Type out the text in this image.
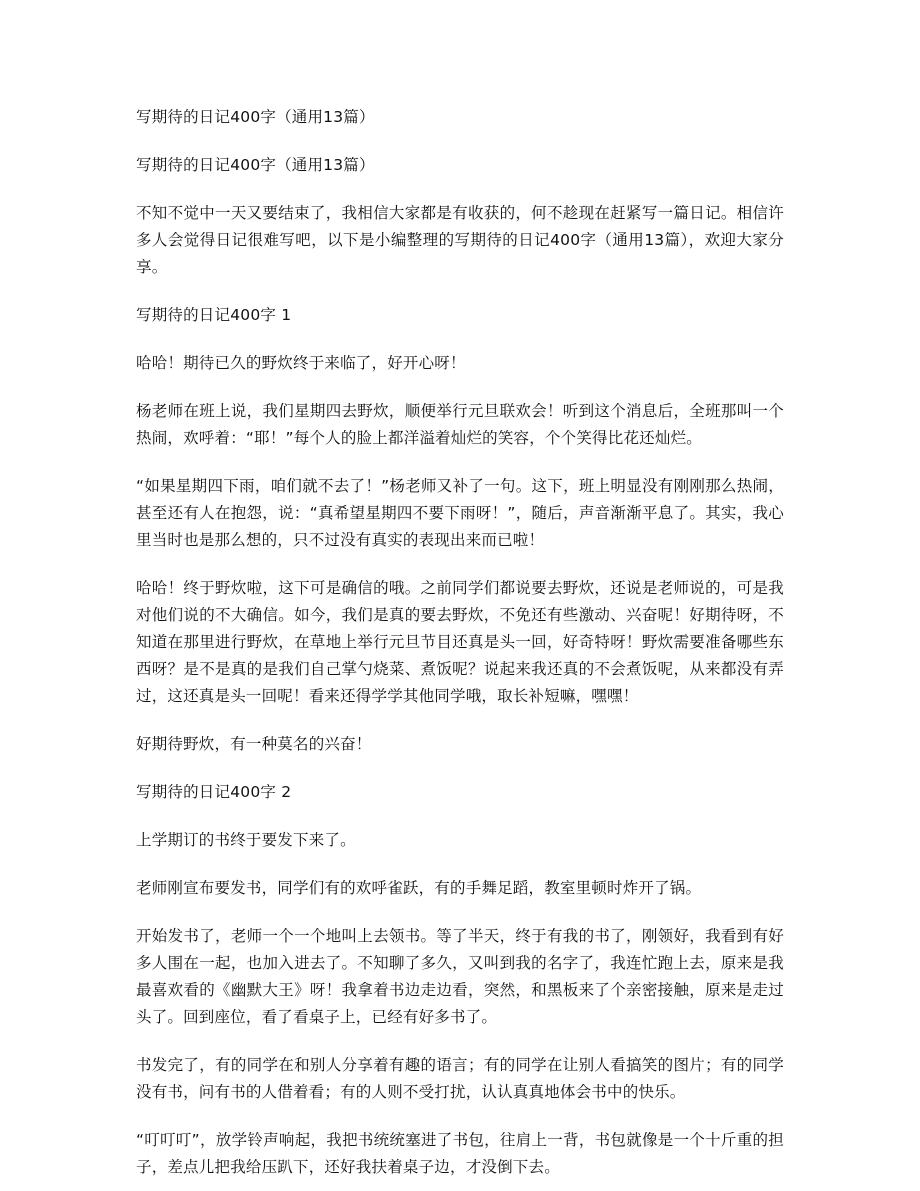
写期待的日记400字（通用13篇）

写期待的日记400字（通用13篇）

不知不觉中一天又要结束了，我相信大家都是有收获的，何不趁现在赶紧写一篇日记。相信许多人会觉得日记很难写吧，以下是小编整理的写期待的日记400字（通用13篇），欢迎大家分享。

写期待的日记400字 1

哈哈！期待已久的野炊终于来临了，好开心呀！

杨老师在班上说，我们星期四去野炊，顺便举行元旦联欢会！听到这个消息后，全班那叫一个热闹，欢呼着：“耶！”每个人的脸上都洋溢着灿烂的笑容，个个笑得比花还灿烂。

“如果星期四下雨，咱们就不去了！”杨老师又补了一句。这下，班上明显没有刚刚那么热闹，甚至还有人在抱怨，说：“真希望星期四不要下雨呀！”，随后，声音渐渐平息了。其实，我心里当时也是那么想的，只不过没有真实的表现出来而已啦！

哈哈！终于野炊啦，这下可是确信的哦。之前同学们都说要去野炊，还说是老师说的，可是我对他们说的不大确信。如今，我们是真的要去野炊，不免还有些激动、兴奋呢！好期待呀，不知道在那里进行野炊，在草地上举行元旦节目还真是头一回，好奇特呀！野炊需要准备哪些东西呀？是不是真的是我们自己掌勺烧菜、煮饭呢？说起来我还真的不会煮饭呢，从来都没有弄过，这还真是头一回呢！看来还得学学其他同学哦，取长补短嘛，嘿嘿！

好期待野炊，有一种莫名的兴奋！

写期待的日记400字 2

上学期订的书终于要发下来了。

老师刚宣布要发书，同学们有的欢呼雀跃，有的手舞足蹈，教室里顿时炸开了锅。

开始发书了，老师一个一个地叫上去领书。等了半天，终于有我的书了，刚领好，我看到有好多人围在一起，也加入进去了。不知聊了多久，又叫到我的名字了，我连忙跑上去，原来是我最喜欢看的《幽默大王》呀！我拿着书边走边看，突然，和黑板来了个亲密接触，原来是走过头了。回到座位，看了看桌子上，已经有好多书了。

书发完了，有的同学在和别人分享着有趣的语言；有的同学在让别人看搞笑的图片；有的同学没有书，问有书的人借着看；有的人则不受打扰，认认真真地体会书中的快乐。

“叮叮叮”，放学铃声响起，我把书统统塞进了书包，往肩上一背，书包就像是一个十斤重的担子，差点儿把我给压趴下，还好我扶着桌子边，才没倒下去。
